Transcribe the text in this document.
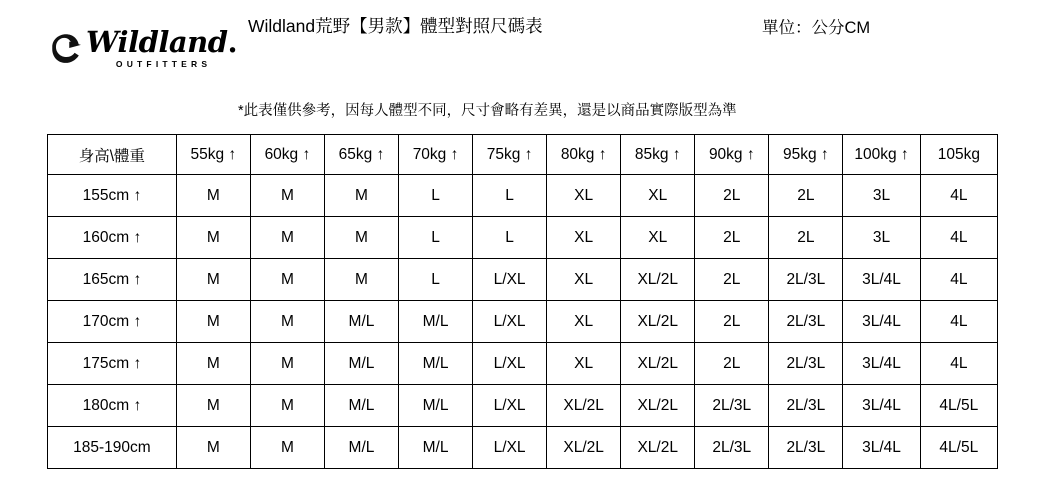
Wildland.
OUTFITTERS
Wildland荒野【男款】體型對照尺碼表	單位：公分CM
*此表僅供參考，因每人體型不同，尺寸會略有差異，還是以商品實際版型為準
身高\體重	55kg ↑	60kg ↑	65kg ↑	70kg ↑	75kg ↑	80kg ↑	85kg ↑	90kg ↑	95kg ↑	100kg ↑	105kg
155cm ↑	M	M	M	L	L	XL	XL	2L	2L	3L	4L
160cm ↑	M	M	M	L	L	XL	XL	2L	2L	3L	4L
165cm ↑	M	M	M	L	L/XL	XL	XL/2L	2L	2L/3L	3L/4L	4L
170cm ↑	M	M	M/L	M/L	L/XL	XL	XL/2L	2L	2L/3L	3L/4L	4L
175cm ↑	M	M	M/L	M/L	L/XL	XL	XL/2L	2L	2L/3L	3L/4L	4L
180cm ↑	M	M	M/L	M/L	L/XL	XL/2L	XL/2L	2L/3L	2L/3L	3L/4L	4L/5L
185-190cm	M	M	M/L	M/L	L/XL	XL/2L	XL/2L	2L/3L	2L/3L	3L/4L	4L/5L
